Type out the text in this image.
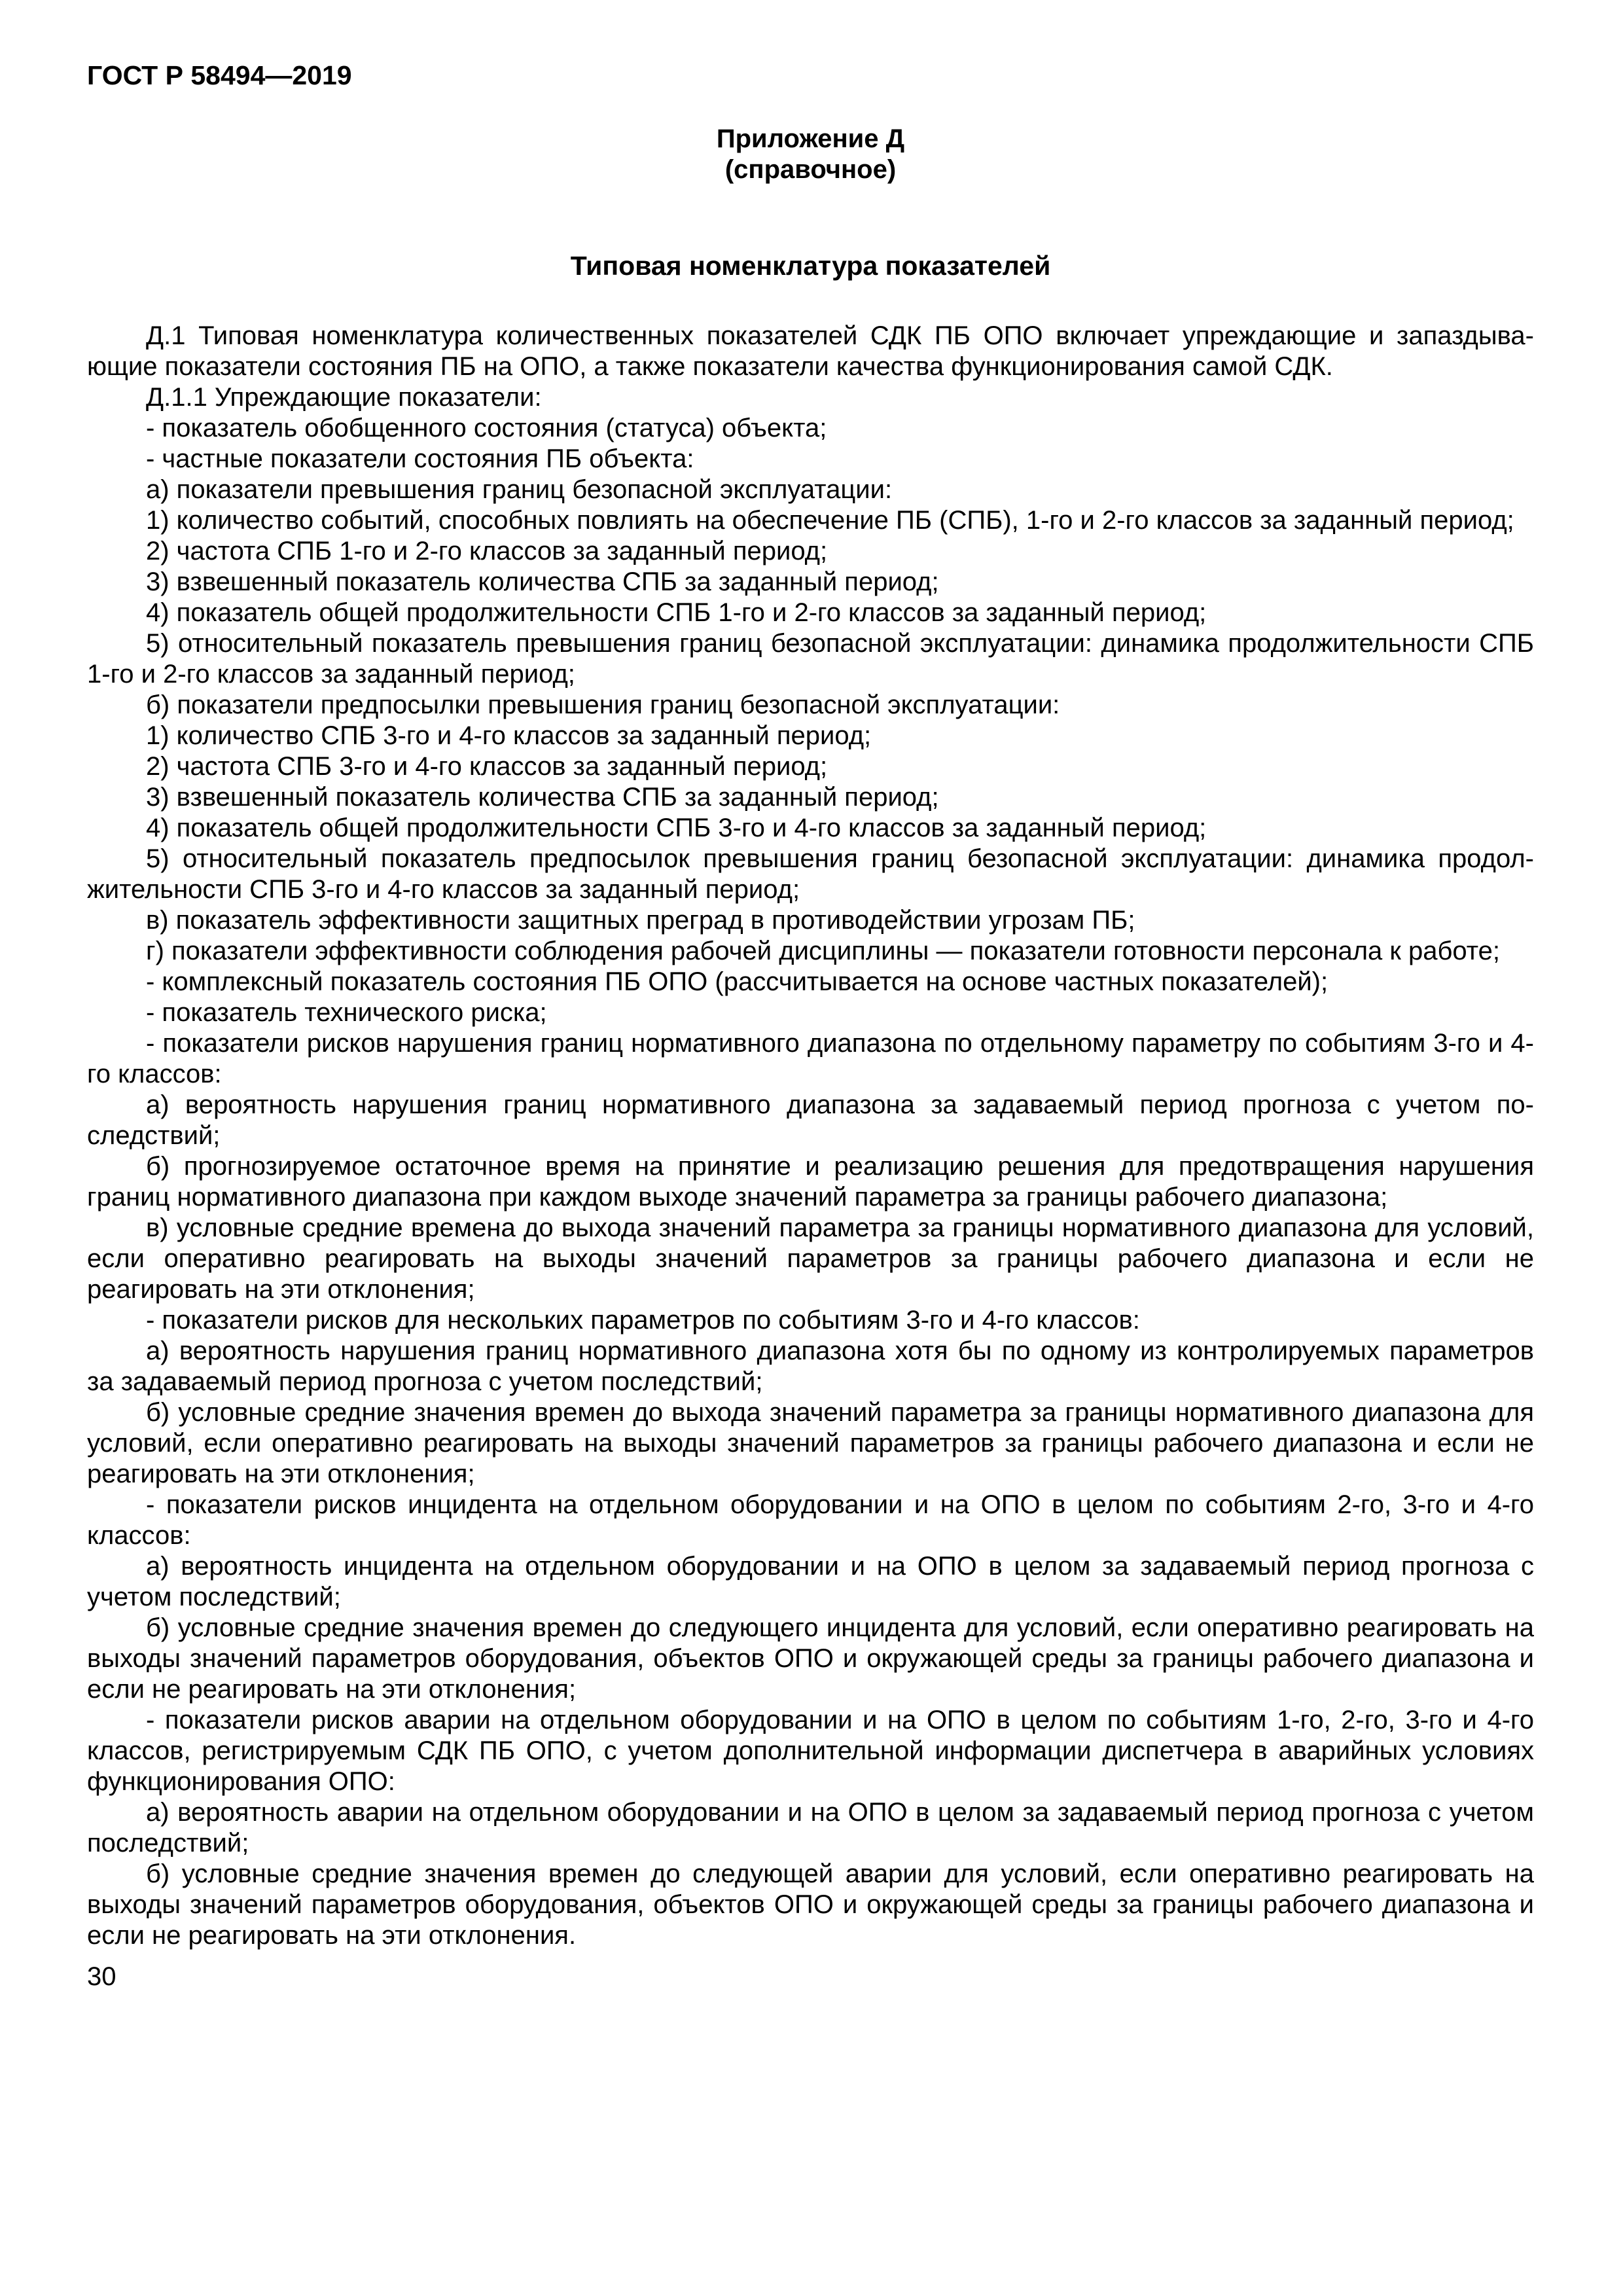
ГОСТ Р 58494—2019
Приложение Д
(справочное)
Типовая номенклатура показателей

Д.1 Типовая номенклатура количественных показателей СДК ПБ ОПО включает упреждающие и запаздывающие показатели состояния ПБ на ОПО, а также показатели качества функционирования самой СДК.

Д.1.1 Упреждающие показатели:

- показатель обобщенного состояния (статуса) объекта;

- частные показатели состояния ПБ объекта:

а) показатели превышения границ безопасной эксплуатации:

1) количество событий, способных повлиять на обеспечение ПБ (СПБ), 1-го и 2-го классов за заданный период;

2) частота СПБ 1-го и 2-го классов за заданный период;

3) взвешенный показатель количества СПБ за заданный период;

4) показатель общей продолжительности СПБ 1-го и 2-го классов за заданный период;

5) относительный показатель превышения границ безопасной эксплуатации: динамика продолжительности СПБ 1-го и 2-го классов за заданный период;

б) показатели предпосылки превышения границ безопасной эксплуатации:

1) количество СПБ 3-го и 4-го классов за заданный период;

2) частота СПБ 3-го и 4-го классов за заданный период;

3) взвешенный показатель количества СПБ за заданный период;

4) показатель общей продолжительности СПБ 3-го и 4-го классов за заданный период;

5) относительный показатель предпосылок превышения границ безопасной эксплуатации: динамика продолжительности СПБ 3-го и 4-го классов за заданный период;

в) показатель эффективности защитных преград в противодействии угрозам ПБ;

г) показатели эффективности соблюдения рабочей дисциплины — показатели готовности персонала к работе;

- комплексный показатель состояния ПБ ОПО (рассчитывается на основе частных показателей);

- показатель технического риска;

- показатели рисков нарушения границ нормативного диапазона по отдельному параметру по событиям 3-го и 4-го классов:

а) вероятность нарушения границ нормативного диапазона за задаваемый период прогноза с учетом последствий;

б) прогнозируемое остаточное время на принятие и реализацию решения для предотвращения нарушения границ нормативного диапазона при каждом выходе значений параметра за границы рабочего диапазона;

в) условные средние времена до выхода значений параметра за границы нормативного диапазона для условий, если оперативно реагировать на выходы значений параметров за границы рабочего диапазона и если не реагировать на эти отклонения;

- показатели рисков для нескольких параметров по событиям 3-го и 4-го классов:

а) вероятность нарушения границ нормативного диапазона хотя бы по одному из контролируемых параметров за задаваемый период прогноза с учетом последствий;

б) условные средние значения времен до выхода значений параметра за границы нормативного диапазона для условий, если оперативно реагировать на выходы значений параметров за границы рабочего диапазона и если не реагировать на эти отклонения;

- показатели рисков инцидента на отдельном оборудовании и на ОПО в целом по событиям 2-го, 3-го и 4-го классов:

а) вероятность инцидента на отдельном оборудовании и на ОПО в целом за задаваемый период прогноза с учетом последствий;

б) условные средние значения времен до следующего инцидента для условий, если оперативно реагировать на выходы значений параметров оборудования, объектов ОПО и окружающей среды за границы рабочего диапазона и если не реагировать на эти отклонения;

- показатели рисков аварии на отдельном оборудовании и на ОПО в целом по событиям 1-го, 2-го, 3-го и 4-го классов, регистрируемым СДК ПБ ОПО, с учетом дополнительной информации диспетчера в аварийных условиях функционирования ОПО:

а) вероятность аварии на отдельном оборудовании и на ОПО в целом за задаваемый период прогноза с учетом последствий;

б) условные средние значения времен до следующей аварии для условий, если оперативно реагировать на выходы значений параметров оборудования, объектов ОПО и окружающей среды за границы рабочего диапазона и если не реагировать на эти отклонения.

30
